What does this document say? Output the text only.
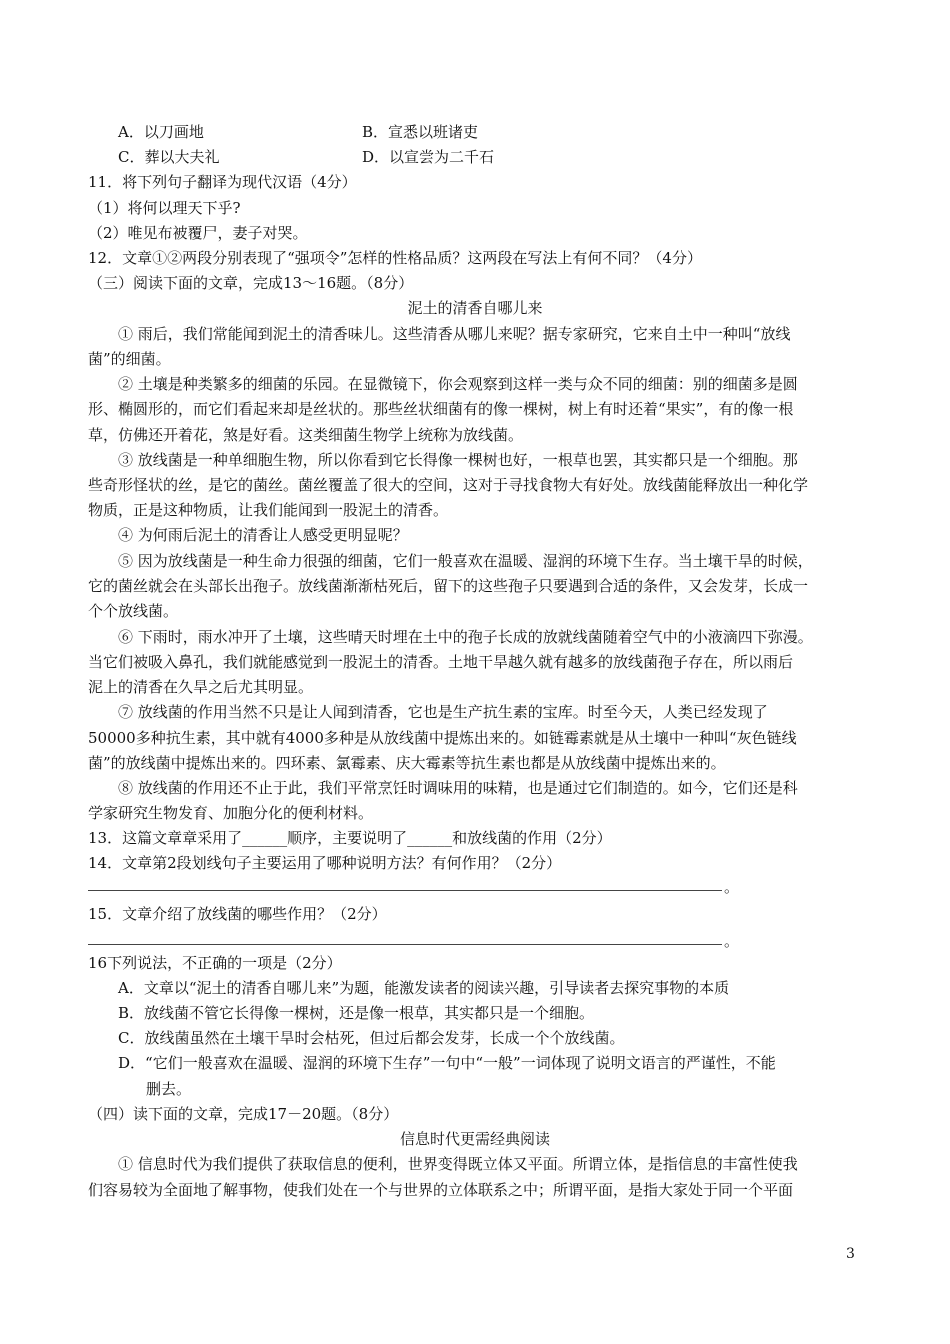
A．以刀画地	B．宣悉以班诸吏
C．葬以大夫礼	D．以宣尝为二千石
11．将下列句子翻译为现代汉语（4分）
（1）将何以理天下乎?
（2）唯见布被覆尸，妻子对哭。
12．文章①②两段分别表现了“强项令”怎样的性格品质？这两段在写法上有何不同？（4分）
（三）阅读下面的文章，完成13～16题。（8分）
泥土的清香自哪儿来
① 雨后，我们常能闻到泥土的清香味儿。这些清香从哪儿来呢？据专家研究，它来自土中一种叫“放线
菌”的细菌。
② 土壤是种类繁多的细菌的乐园。在显微镜下，你会观察到这样一类与众不同的细菌：别的细菌多是圆
形、椭圆形的，而它们看起来却是丝状的。那些丝状细菌有的像一棵树，树上有时还着“果实”，有的像一根
草，仿佛还开着花，煞是好看。这类细菌生物学上统称为放线菌。
③ 放线菌是一种单细胞生物，所以你看到它长得像一棵树也好，一根草也罢，其实都只是一个细胞。那
些奇形怪状的丝，是它的菌丝。菌丝覆盖了很大的空间，这对于寻找食物大有好处。放线菌能释放出一种化学
物质，正是这种物质，让我们能闻到一股泥土的清香。
④ 为何雨后泥土的清香让人感受更明显呢？
⑤ 因为放线菌是一种生命力很强的细菌，它们一般喜欢在温暖、湿润的环境下生存。当土壤干旱的时候，
它的菌丝就会在头部长出孢子。放线菌渐渐枯死后，留下的这些孢子只要遇到合适的条件，又会发芽，长成一
个个放线菌。
⑥ 下雨时，雨水冲开了土壤，这些晴天时埋在土中的孢子长成的放就线菌随着空气中的小液滴四下弥漫。
当它们被吸入鼻孔，我们就能感觉到一股泥土的清香。土地干旱越久就有越多的放线菌孢子存在，所以雨后
泥上的清香在久旱之后尤其明显。
⑦ 放线菌的作用当然不只是让人闻到清香，它也是生产抗生素的宝库。时至今天，人类已经发现了
50000多种抗生素，其中就有4000多种是从放线菌中提炼出来的。如链霉素就是从土壤中一种叫“灰色链线
菌”的放线菌中提炼出来的。四环素、氯霉素、庆大霉素等抗生素也都是从放线菌中提炼出来的。
⑧ 放线菌的作用还不止于此，我们平常烹饪时调味用的味精，也是通过它们制造的。如今，它们还是科
学家研究生物发育、加胞分化的便利材料。
13．这篇文章章采用了______顺序，主要说明了______和放线菌的作用（2分）
14．文章第2段划线句子主要运用了哪种说明方法？有何作用？（2分）
。
15．文章介绍了放线菌的哪些作用？（2分）
。
16下列说法，不正确的一项是（2分）
A．文章以“泥土的清香自哪儿来”为题，能激发读者的阅读兴趣，引导读者去探究事物的本质
B．放线菌不管它长得像一棵树，还是像一根草，其实都只是一个细胞。
C．放线菌虽然在土壤干旱时会枯死，但过后都会发芽，长成一个个放线菌。
D．“它们一般喜欢在温暖、湿润的环境下生存”一句中“一般”一词体现了说明文语言的严谨性，不能
删去。
（四）读下面的文章，完成17－20题。（8分）
信息时代更需经典阅读
① 信息时代为我们提供了获取信息的便利，世界变得既立体又平面。所谓立体，是指信息的丰富性使我
们容易较为全面地了解事物，使我们处在一个与世界的立体联系之中；所谓平面，是指大家处于同一个平面
3
